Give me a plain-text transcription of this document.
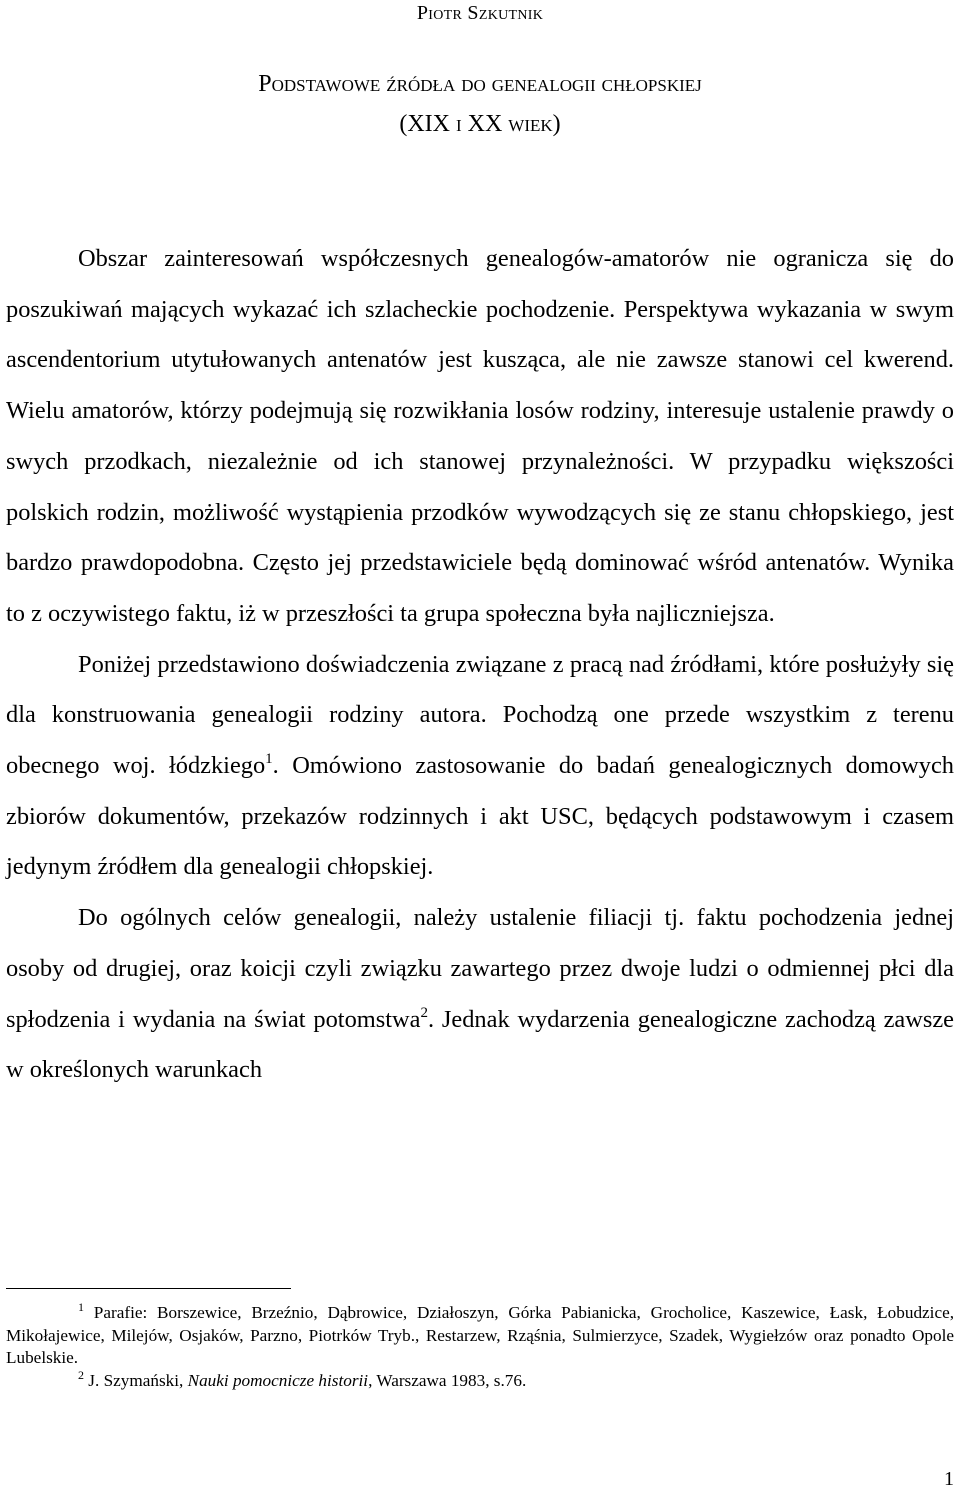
Piotr Szkutnik
Podstawowe źródła do genealogii chłopskiej
(XIX i XX wiek)

Obszar zainteresowań współczesnych genealogów-amatorów nie ogranicza się do poszukiwań mających wykazać ich szlacheckie pochodzenie. Perspektywa wykazania w swym ascendentorium utytułowanych antenatów jest kusząca, ale nie zawsze stanowi cel kwerend. Wielu amatorów, którzy podejmują się rozwikłania losów rodziny, interesuje ustalenie prawdy o swych przodkach, niezależnie od ich stanowej przynależności. W przypadku większości polskich rodzin, możliwość wystąpienia przodków wywodzących się ze stanu chłopskiego, jest bardzo prawdopodobna. Często jej przedstawiciele będą dominować wśród antenatów. Wynika to z oczywistego faktu, iż w przeszłości ta grupa społeczna była najliczniejsza.

Poniżej przedstawiono doświadczenia związane z pracą nad źródłami, które posłużyły się dla konstruowania genealogii rodziny autora. Pochodzą one przede wszystkim z terenu obecnego woj. łódzkiego$^1$. Omówiono zastosowanie do badań genealogicznych domowych zbiorów dokumentów, przekazów rodzinnych i akt USC, będących podstawowym i czasem jedynym źródłem dla genealogii chłopskiej.

Do ogólnych celów genealogii, należy ustalenie filiacji tj. faktu pochodzenia jednej osoby od drugiej, oraz koicji czyli związku zawartego przez dwoje ludzi o odmiennej płci dla spłodzenia i wydania na świat potomstwa$^2$. Jednak wydarzenia genealogiczne zachodzą zawsze w określonych warunkach

$^1$ Parafie: Borszewice, Brzeźnio, Dąbrowice, Działoszyn, Górka Pabianicka, Grocholice, Kaszewice, Łask, Łobudzice, Mikołajewice, Milejów, Osjaków, Parzno, Piotrków Tryb., Restarzew, Rząśnia, Sulmierzyce, Szadek, Wygiełzów oraz ponadto Opole Lubelskie.

$^2$ J. Szymański, Nauki pomocnicze historii, Warszawa 1983, s.76.

1
